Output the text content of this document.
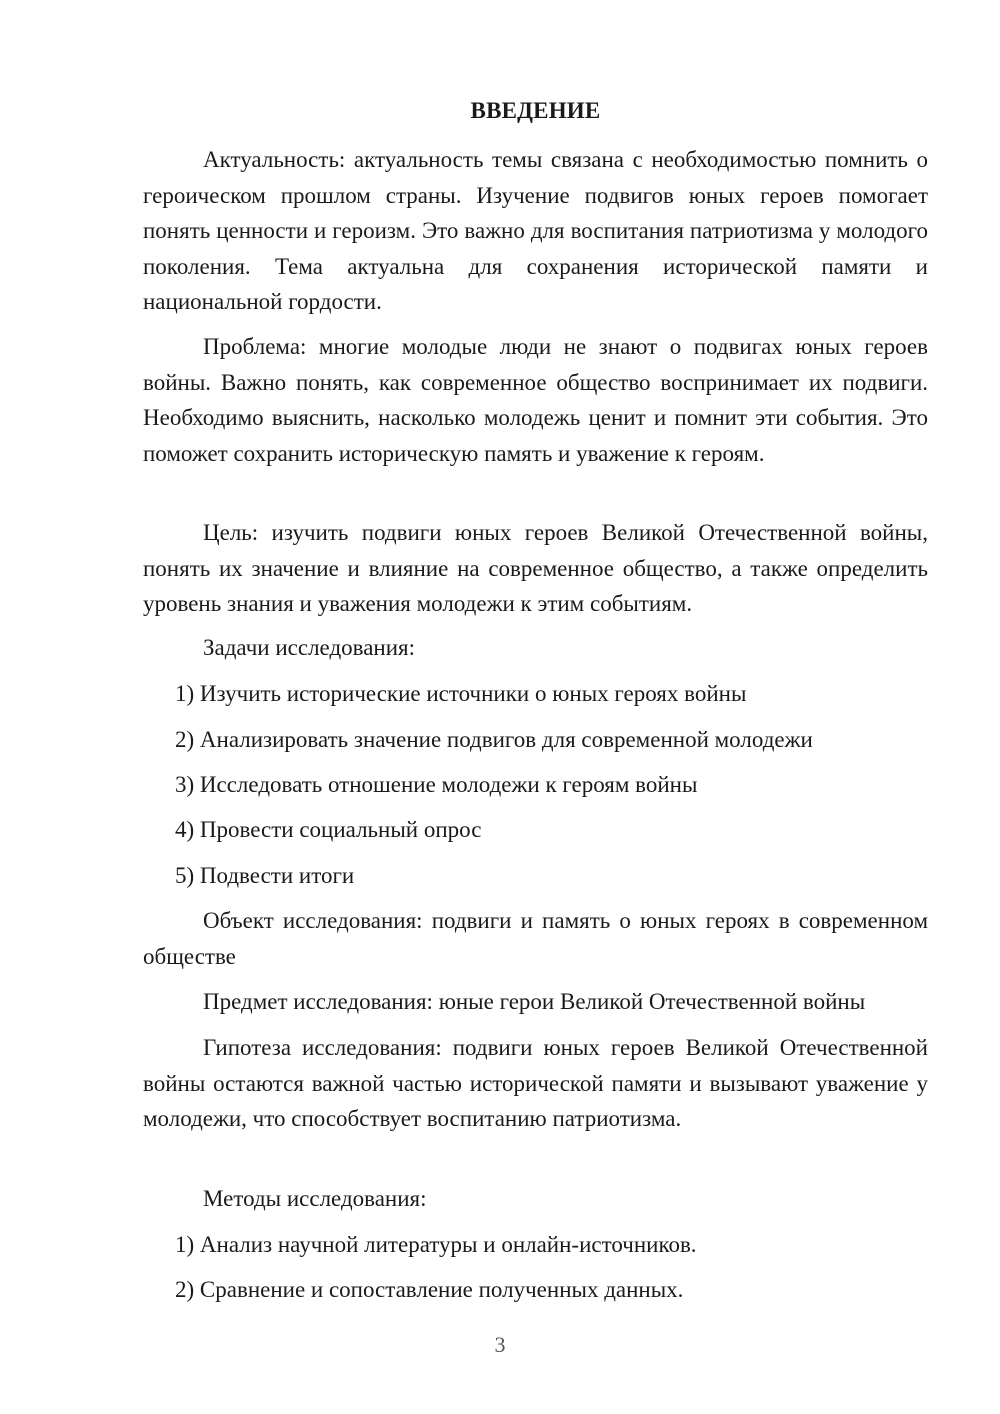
ВВЕДЕНИЕ

Актуальность: актуальность темы связана с необходимостью помнить о героическом прошлом страны. Изучение подвигов юных героев помогает понять ценности и героизм. Это важно для воспитания патриотизма у молодого поколения. Тема актуальна для сохранения исторической памяти и национальной гордости.

Проблема: многие молодые люди не знают о подвигах юных героев войны. Важно понять, как современное общество воспринимает их подвиги. Необходимо выяснить, насколько молодежь ценит и помнит эти события. Это поможет сохранить историческую память и уважение к героям.

Цель: изучить подвиги юных героев Великой Отечественной войны, понять их значение и влияние на современное общество, а также определить уровень знания и уважения молодежи к этим событиям.

Задачи исследования:

1) Изучить исторические источники о юных героях войны

2) Анализировать значение подвигов для современной молодежи

3) Исследовать отношение молодежи к героям войны

4) Провести социальный опрос

5) Подвести итоги

Объект исследования: подвиги и память о юных героях в современном обществе

Предмет исследования: юные герои Великой Отечественной войны

Гипотеза исследования: подвиги юных героев Великой Отечественной войны остаются важной частью исторической памяти и вызывают уважение у молодежи, что способствует воспитанию патриотизма.

Методы исследования:

1) Анализ научной литературы и онлайн-источников.

2) Сравнение и сопоставление полученных данных.

3
